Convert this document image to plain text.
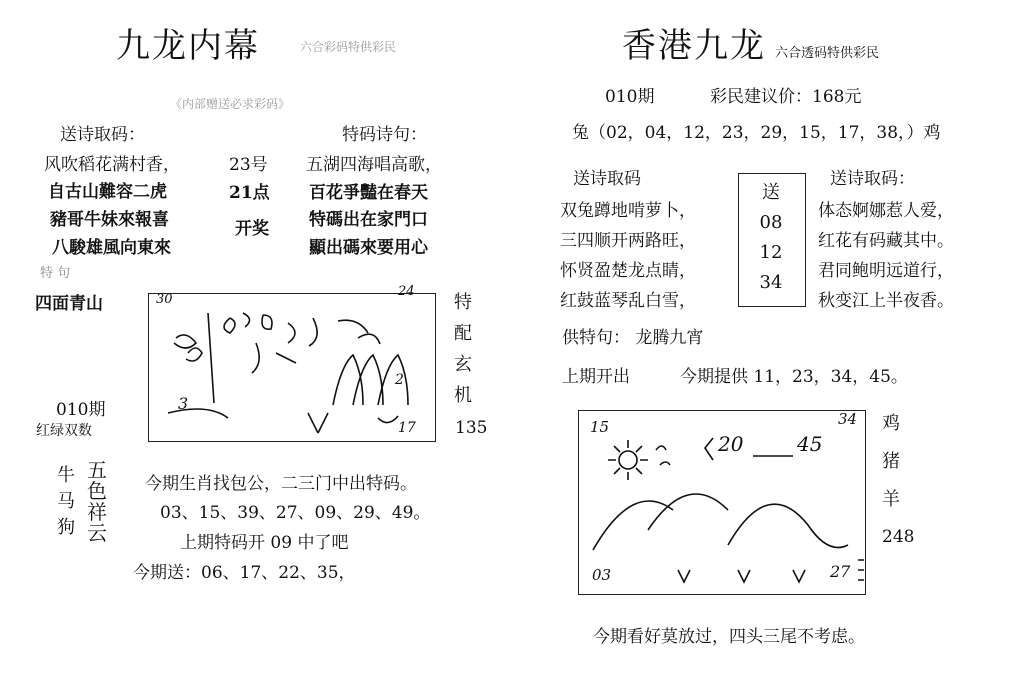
九龙内幕	六合彩码特供彩民
《内部赠送必求彩码》
送诗取码：	特码诗句：
风吹稻花满村香，
自古山難容二虎
豬哥牛妹來報喜
八駿雄風向東來
23号
21点
开奖
五湖四海唱高歌，
百花爭豔在春天
特碼出在家門口
顯出碼來要用心
特 句
四面青山
010期
红绿双数
30
24
3
17
2
特
配
玄
机
135
牛
马
狗
五
色
祥
云
今期生肖找包公，二三门中出特码。
03、15、39、27、09、29、49。
上期特码开 09 中了吧
今期送：06、17、22、35，
香港九龙 六合透码特供彩民
010期	彩民建议价：168元
兔（02，04，12，23，29，15，17，38，）鸡
送诗取码	送诗取码：
双兔蹲地啃萝卜，
三四顺开两路旺，
怀贤盈楚龙点睛，
红鼓蓝琴乱白雪，
送
08
12
34
体态婀娜惹人爱，
红花有码藏其中。
君同鲍明远道行，
秋变江上半夜香。
供特句： 龙腾九宵
上期开出	今期提供 11，23，34，45。
15	34
20	45
03	27
鸡
猪
羊
248
今期看好莫放过，四头三尾不考虑。
